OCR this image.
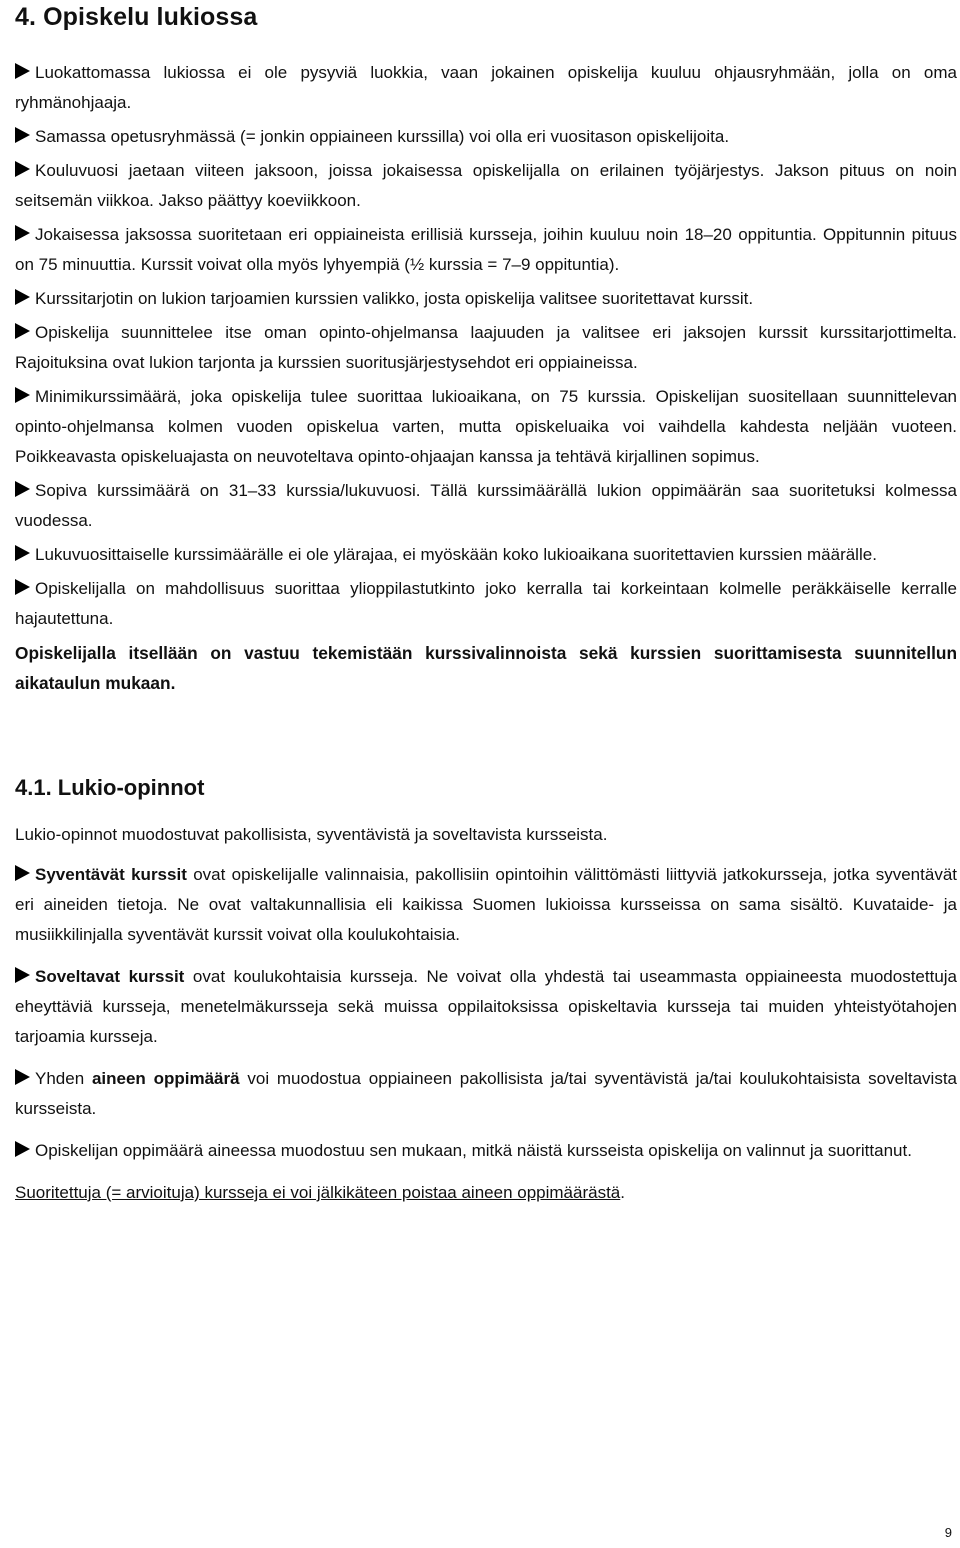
4. Opiskelu lukiossa

Luokattomassa lukiossa ei ole pysyviä luokkia, vaan jokainen opiskelija kuuluu ohjausryhmään, jolla on oma ryhmänohjaaja.

Samassa opetusryhmässä (= jonkin oppiaineen kurssilla) voi olla eri vuositason opiskelijoita.

Kouluvuosi jaetaan viiteen jaksoon, joissa jokaisessa opiskelijalla on erilainen työjärjestys. Jakson pituus on noin seitsemän viikkoa. Jakso päättyy koeviikkoon.

Jokaisessa jaksossa suoritetaan eri oppiaineista erillisiä kursseja, joihin kuuluu noin 18–20 oppituntia. Oppitunnin pituus on 75 minuuttia. Kurssit voivat olla myös lyhyempiä (½ kurssia = 7–9 oppituntia).

Kurssitarjotin on lukion tarjoamien kurssien valikko, josta opiskelija valitsee suoritettavat kurssit.

Opiskelija suunnittelee itse oman opinto-ohjelmansa laajuuden ja valitsee eri jaksojen kurssit kurssitarjottimelta. Rajoituksina ovat lukion tarjonta ja kurssien suoritusjärjestysehdot eri oppiaineissa.

Minimikurssimäärä, joka opiskelija tulee suorittaa lukioaikana, on 75 kurssia. Opiskelijan suositellaan suunnittelevan opinto-ohjelmansa kolmen vuoden opiskelua varten, mutta opiskeluaika voi vaihdella kahdesta neljään vuoteen. Poikkeavasta opiskeluajasta on neuvoteltava opinto-ohjaajan kanssa ja tehtävä kirjallinen sopimus.

Sopiva kurssimäärä on 31–33 kurssia/lukuvuosi. Tällä kurssimäärällä lukion oppimäärän saa suoritetuksi kolmessa vuodessa.

Lukuvuosittaiselle kurssimäärälle ei ole ylärajaa, ei myöskään koko lukioaikana suoritettavien kurssien määrälle.

Opiskelijalla on mahdollisuus suorittaa ylioppilastutkinto joko kerralla tai korkeintaan kolmelle peräkkäiselle kerralle hajautettuna.

Opiskelijalla itsellään on vastuu tekemistään kurssivalinnoista sekä kurssien suorittamisesta suunnitellun aikataulun mukaan.

4.1. Lukio-opinnot

Lukio-opinnot muodostuvat pakollisista, syventävistä ja soveltavista kursseista.

Syventävät kurssit ovat opiskelijalle valinnaisia, pakollisiin opintoihin välittömästi liittyviä jatkokursseja, jotka syventävät eri aineiden tietoja. Ne ovat valtakunnallisia eli kaikissa Suomen lukioissa kursseissa on sama sisältö. Kuvataide- ja musiikkilinjalla syventävät kurssit voivat olla koulukohtaisia.

Soveltavat kurssit ovat koulukohtaisia kursseja. Ne voivat olla yhdestä tai useammasta oppiaineesta muodostettuja eheyttäviä kursseja, menetelmäkursseja sekä muissa oppilaitoksissa opiskeltavia kursseja tai muiden yhteistyötahojen tarjoamia kursseja.

Yhden aineen oppimäärä voi muodostua oppiaineen pakollisista ja/tai syventävistä ja/tai koulukohtaisista soveltavista kursseista.

Opiskelijan oppimäärä aineessa muodostuu sen mukaan, mitkä näistä kursseista opiskelija on valinnut ja suorittanut.

Suoritettuja (= arvioituja) kursseja ei voi jälkikäteen poistaa aineen oppimäärästä.

9
